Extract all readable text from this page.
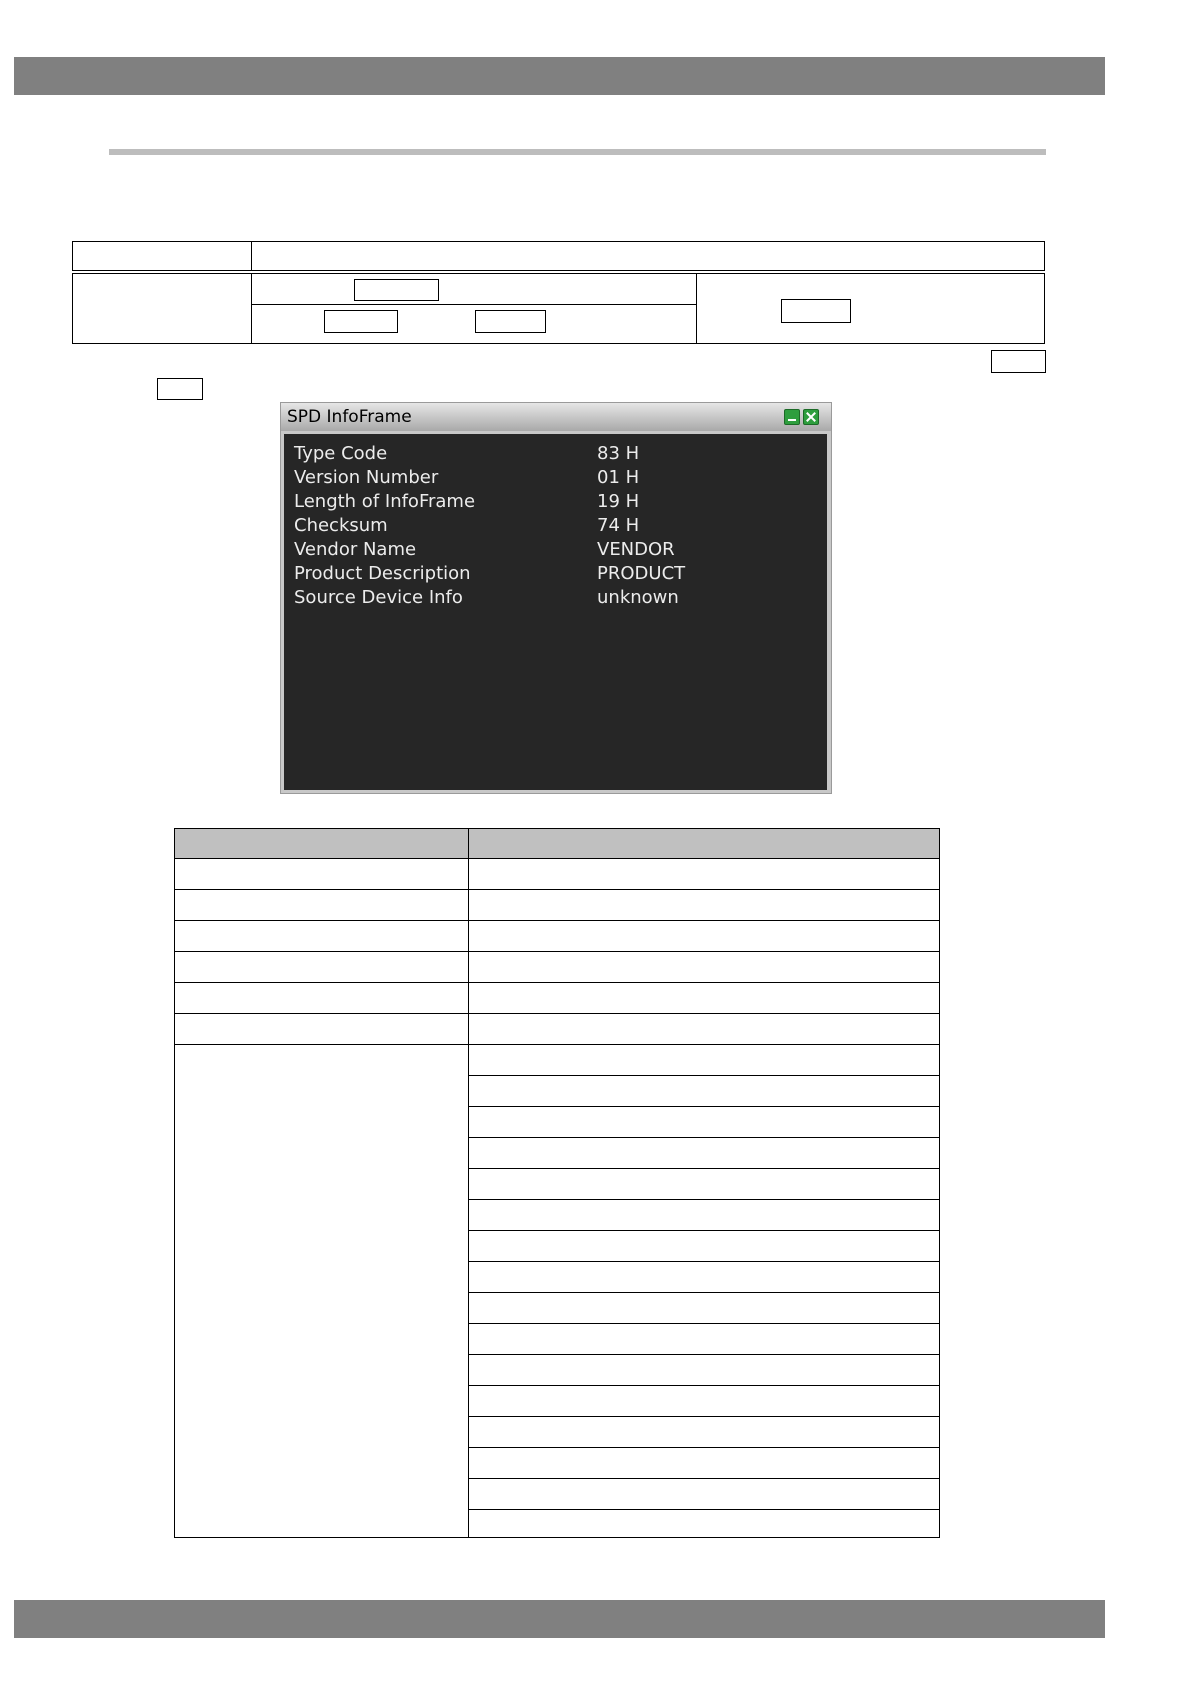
SPD InfoFrame
Type Code	83 H
Version Number	01 H
Length of InfoFrame	19 H
Checksum	74 H
Vendor Name	VENDOR
Product Description	PRODUCT
Source Device Info	unknown
